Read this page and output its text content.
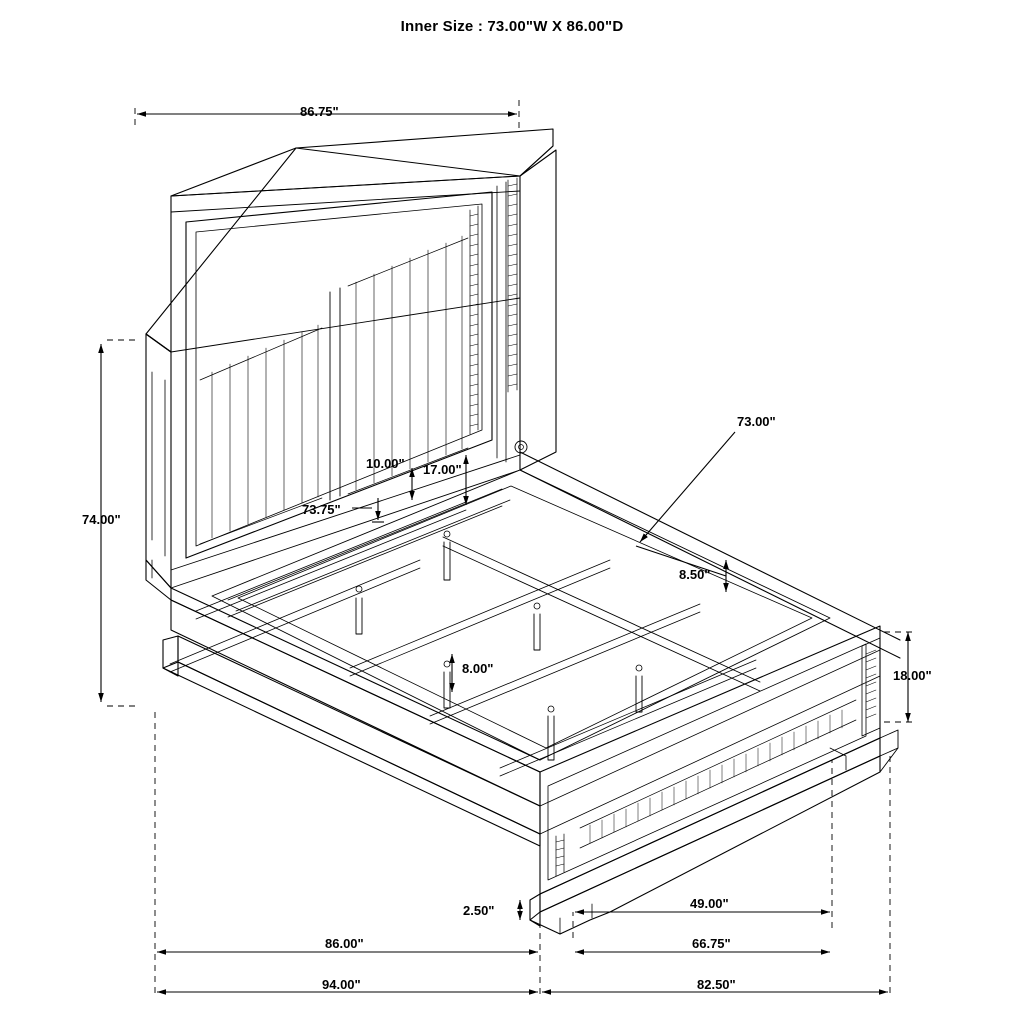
Inner Size : 73.00"W X 86.00"D
86.75"
74.00"
73.75"
10.00" 17.00"
73.00"
8.50"
8.00"	18.00"
2.50"	49.00"
86.00"	66.75"
94.00"	82.50"
